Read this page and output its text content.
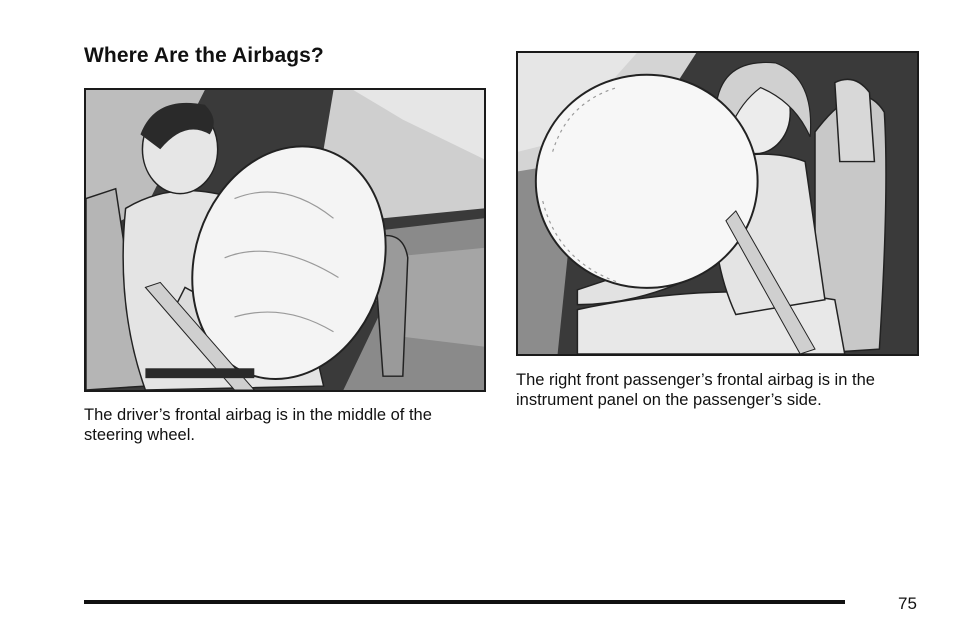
Where Are the Airbags?

The driver’s frontal airbag is in the middle of the steering wheel.

The right front passenger’s frontal airbag is in the instrument panel on the passenger’s side.

75
